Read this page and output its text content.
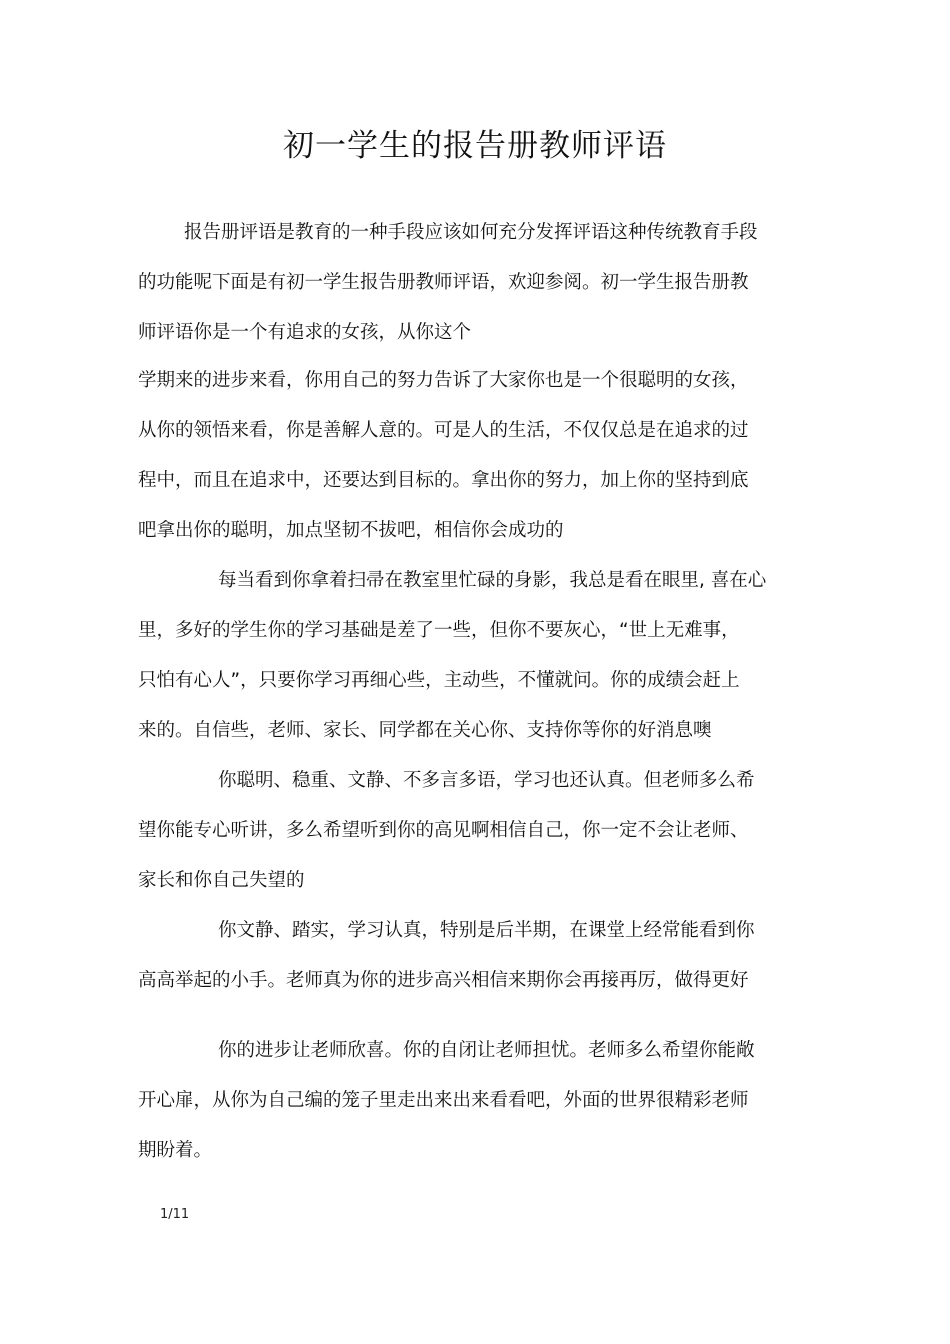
初一学生的报告册教师评语
报告册评语是教育的一种手段应该如何充分发挥评语这种传统教育手段
的功能呢下面是有初一学生报告册教师评语，欢迎参阅。初一学生报告册教
师评语你是一个有追求的女孩，从你这个
学期来的进步来看，你用自己的努力告诉了大家你也是一个很聪明的女孩，
从你的领悟来看，你是善解人意的。可是人的生活，不仅仅总是在追求的过
程中，而且在追求中，还要达到目标的。拿出你的努力，加上你的坚持到底
吧拿出你的聪明，加点坚韧不拔吧，相信你会成功的
每当看到你拿着扫帚在教室里忙碌的身影，我总是看在眼里, 喜在心
里，多好的学生你的学习基础是差了一些，但你不要灰心，“世上无难事，
只怕有心人”，只要你学习再细心些，主动些，不懂就问。你的成绩会赶上
来的。自信些，老师、家长、同学都在关心你、支持你等你的好消息噢
你聪明、稳重、文静、不多言多语，学习也还认真。但老师多么希
望你能专心听讲，多么希望听到你的高见啊相信自己，你一定不会让老师、
家长和你自己失望的
你文静、踏实，学习认真，特别是后半期，在课堂上经常能看到你
高高举起的小手。老师真为你的进步高兴相信来期你会再接再厉，做得更好
你的进步让老师欣喜。你的自闭让老师担忧。老师多么希望你能敞
开心扉，从你为自己编的笼子里走出来出来看看吧，外面的世界很精彩老师
期盼着。
1/11
